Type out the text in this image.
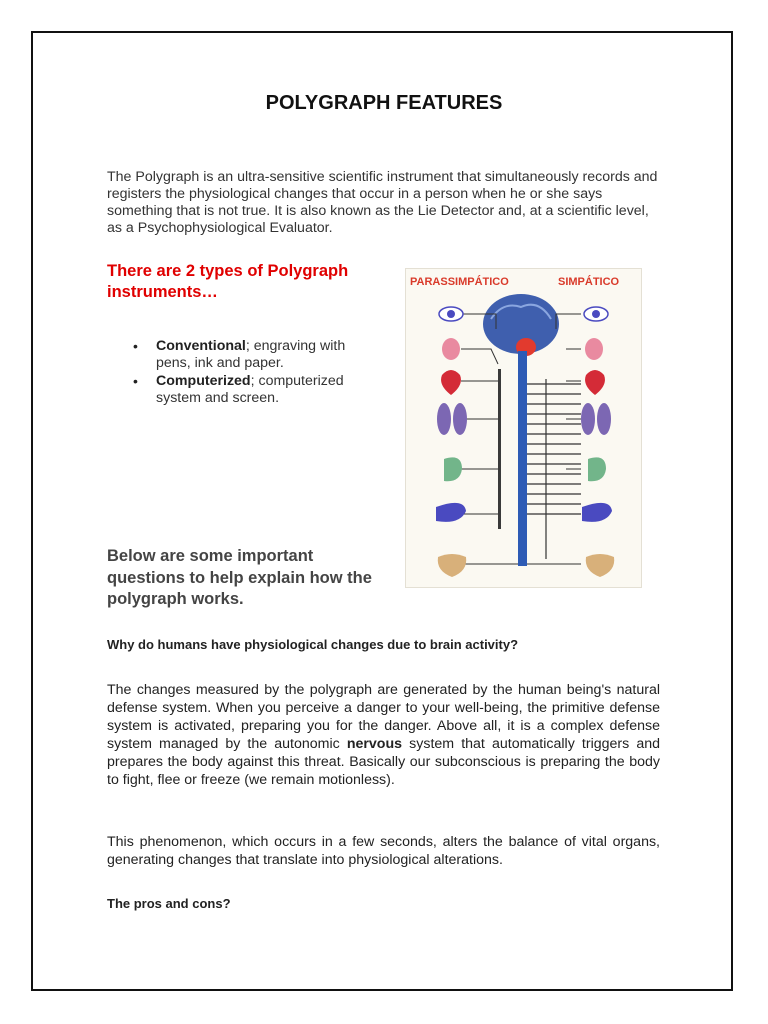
POLYGRAPH FEATURES

The Polygraph is an ultra-sensitive scientific instrument that simultaneously records and registers the physiological changes that occur in a person when he or she says something that is not true. It is also known as the Lie Detector and, at a scientific level, as a Psychophysiological Evaluator.

There are 2 types of Polygraph instruments…

• Conventional; engraving with pens, ink and paper.
• Computerized; computerized system and screen.
PARASSIMPÁTICO	SIMPÁTICO

Below are some important questions to help explain how the polygraph works.

Why do humans have physiological changes due to brain activity?

The changes measured by the polygraph are generated by the human being's natural defense system. When you perceive a danger to your well-being, the primitive defense system is activated, preparing you for the danger. Above all, it is a complex defense system managed by the autonomic nervous system that automatically triggers and prepares the body against this threat. Basically our subconscious is preparing the body to fight, flee or freeze (we remain motionless).

This phenomenon, which occurs in a few seconds, alters the balance of vital organs, generating changes that translate into physiological alterations.

The pros and cons?
